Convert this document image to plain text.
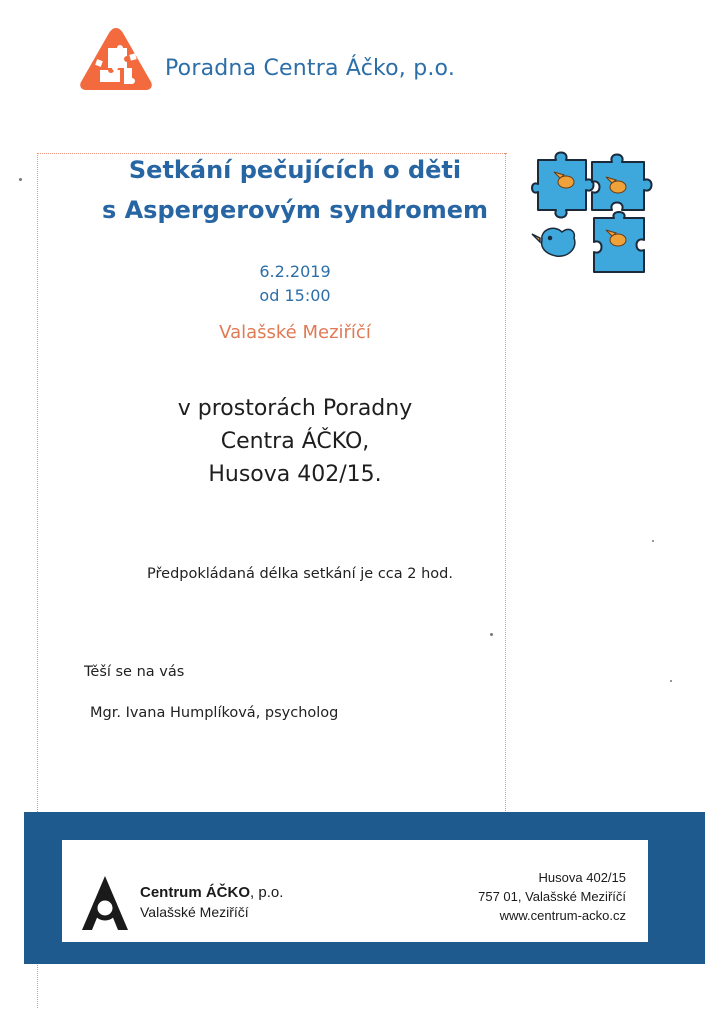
Poradna Centra Áčko, p.o.
Setkání pečujících o děti
s Aspergerovým syndromem
6.2.2019
od 15:00
Valašské Meziříčí
v prostorách Poradny
Centra ÁČKO,
Husova 402/15.
Předpokládaná délka setkání je cca 2 hod.
Těší se na vás
Mgr. Ivana Humplíková, psycholog
Centrum ÁČKO, p.o.
Valašské Meziříčí
Husova 402/15
757 01, Valašské Meziříčí
www.centrum-acko.cz
